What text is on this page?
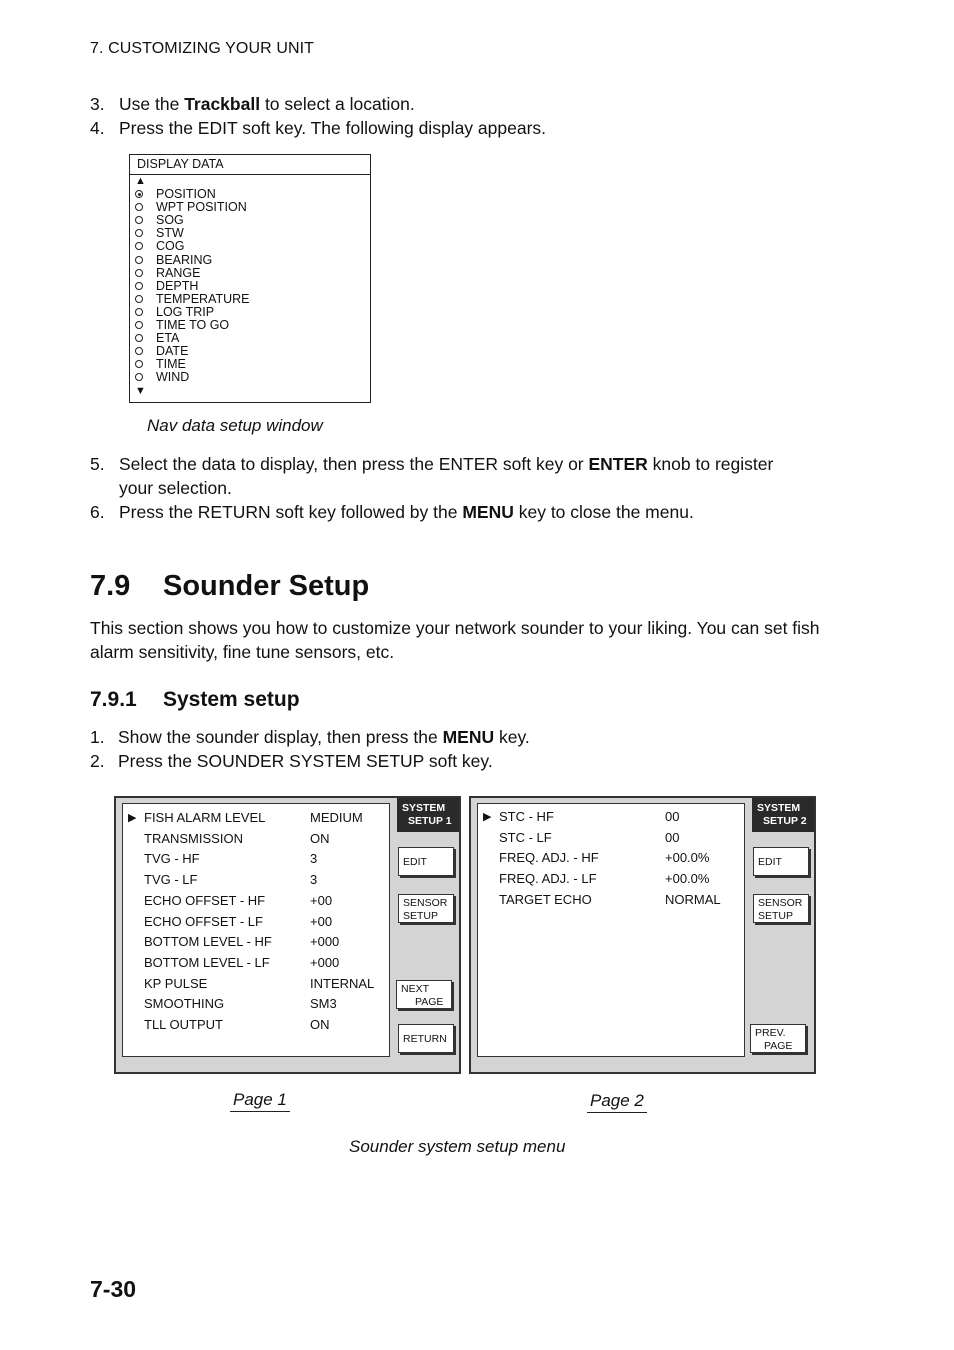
7. CUSTOMIZING YOUR UNIT
3. Use the Trackball to select a location.
4. Press the EDIT soft key. The following display appears.
DISPLAY DATA
▲
POSITION
WPT POSITION
SOG
STW
COG
BEARING
RANGE
DEPTH
TEMPERATURE
LOG TRIP
TIME TO GO
ETA
DATE
TIME
WIND
▼
Nav data setup window
5. Select the data to display, then press the ENTER soft key or ENTER knob to register
your selection.
6. Press the RETURN soft key followed by the MENU key to close the menu.
7.9 Sounder Setup
This section shows you how to customize your network sounder to your liking. You can set fish alarm sensitivity, fine tune sensors, etc.
7.9.1 System setup
1. Show the sounder display, then press the MENU key.
2. Press the SOUNDER SYSTEM SETUP soft key.
▶ FISH ALARM LEVEL	MEDIUM
TRANSMISSION	ON
TVG - HF	3
TVG - LF	3
ECHO OFFSET - HF	+00
ECHO OFFSET - LF	+00
BOTTOM LEVEL - HF	+000
BOTTOM LEVEL - LF	+000
KP PULSE	INTERNAL
SMOOTHING	SM3
TLL OUTPUT	ON
SYSTEM
SETUP 1
EDIT
SENSOR
SETUP
NEXT
PAGE
RETURN
▶ STC - HF	00
STC - LF	00
FREQ. ADJ. - HF	+00.0%
FREQ. ADJ. - LF	+00.0%
TARGET ECHO	NORMAL
SYSTEM
SETUP 2
EDIT
SENSOR
SETUP
PREV.
PAGE
Page 1	Page 2
Sounder system setup menu
7-30
